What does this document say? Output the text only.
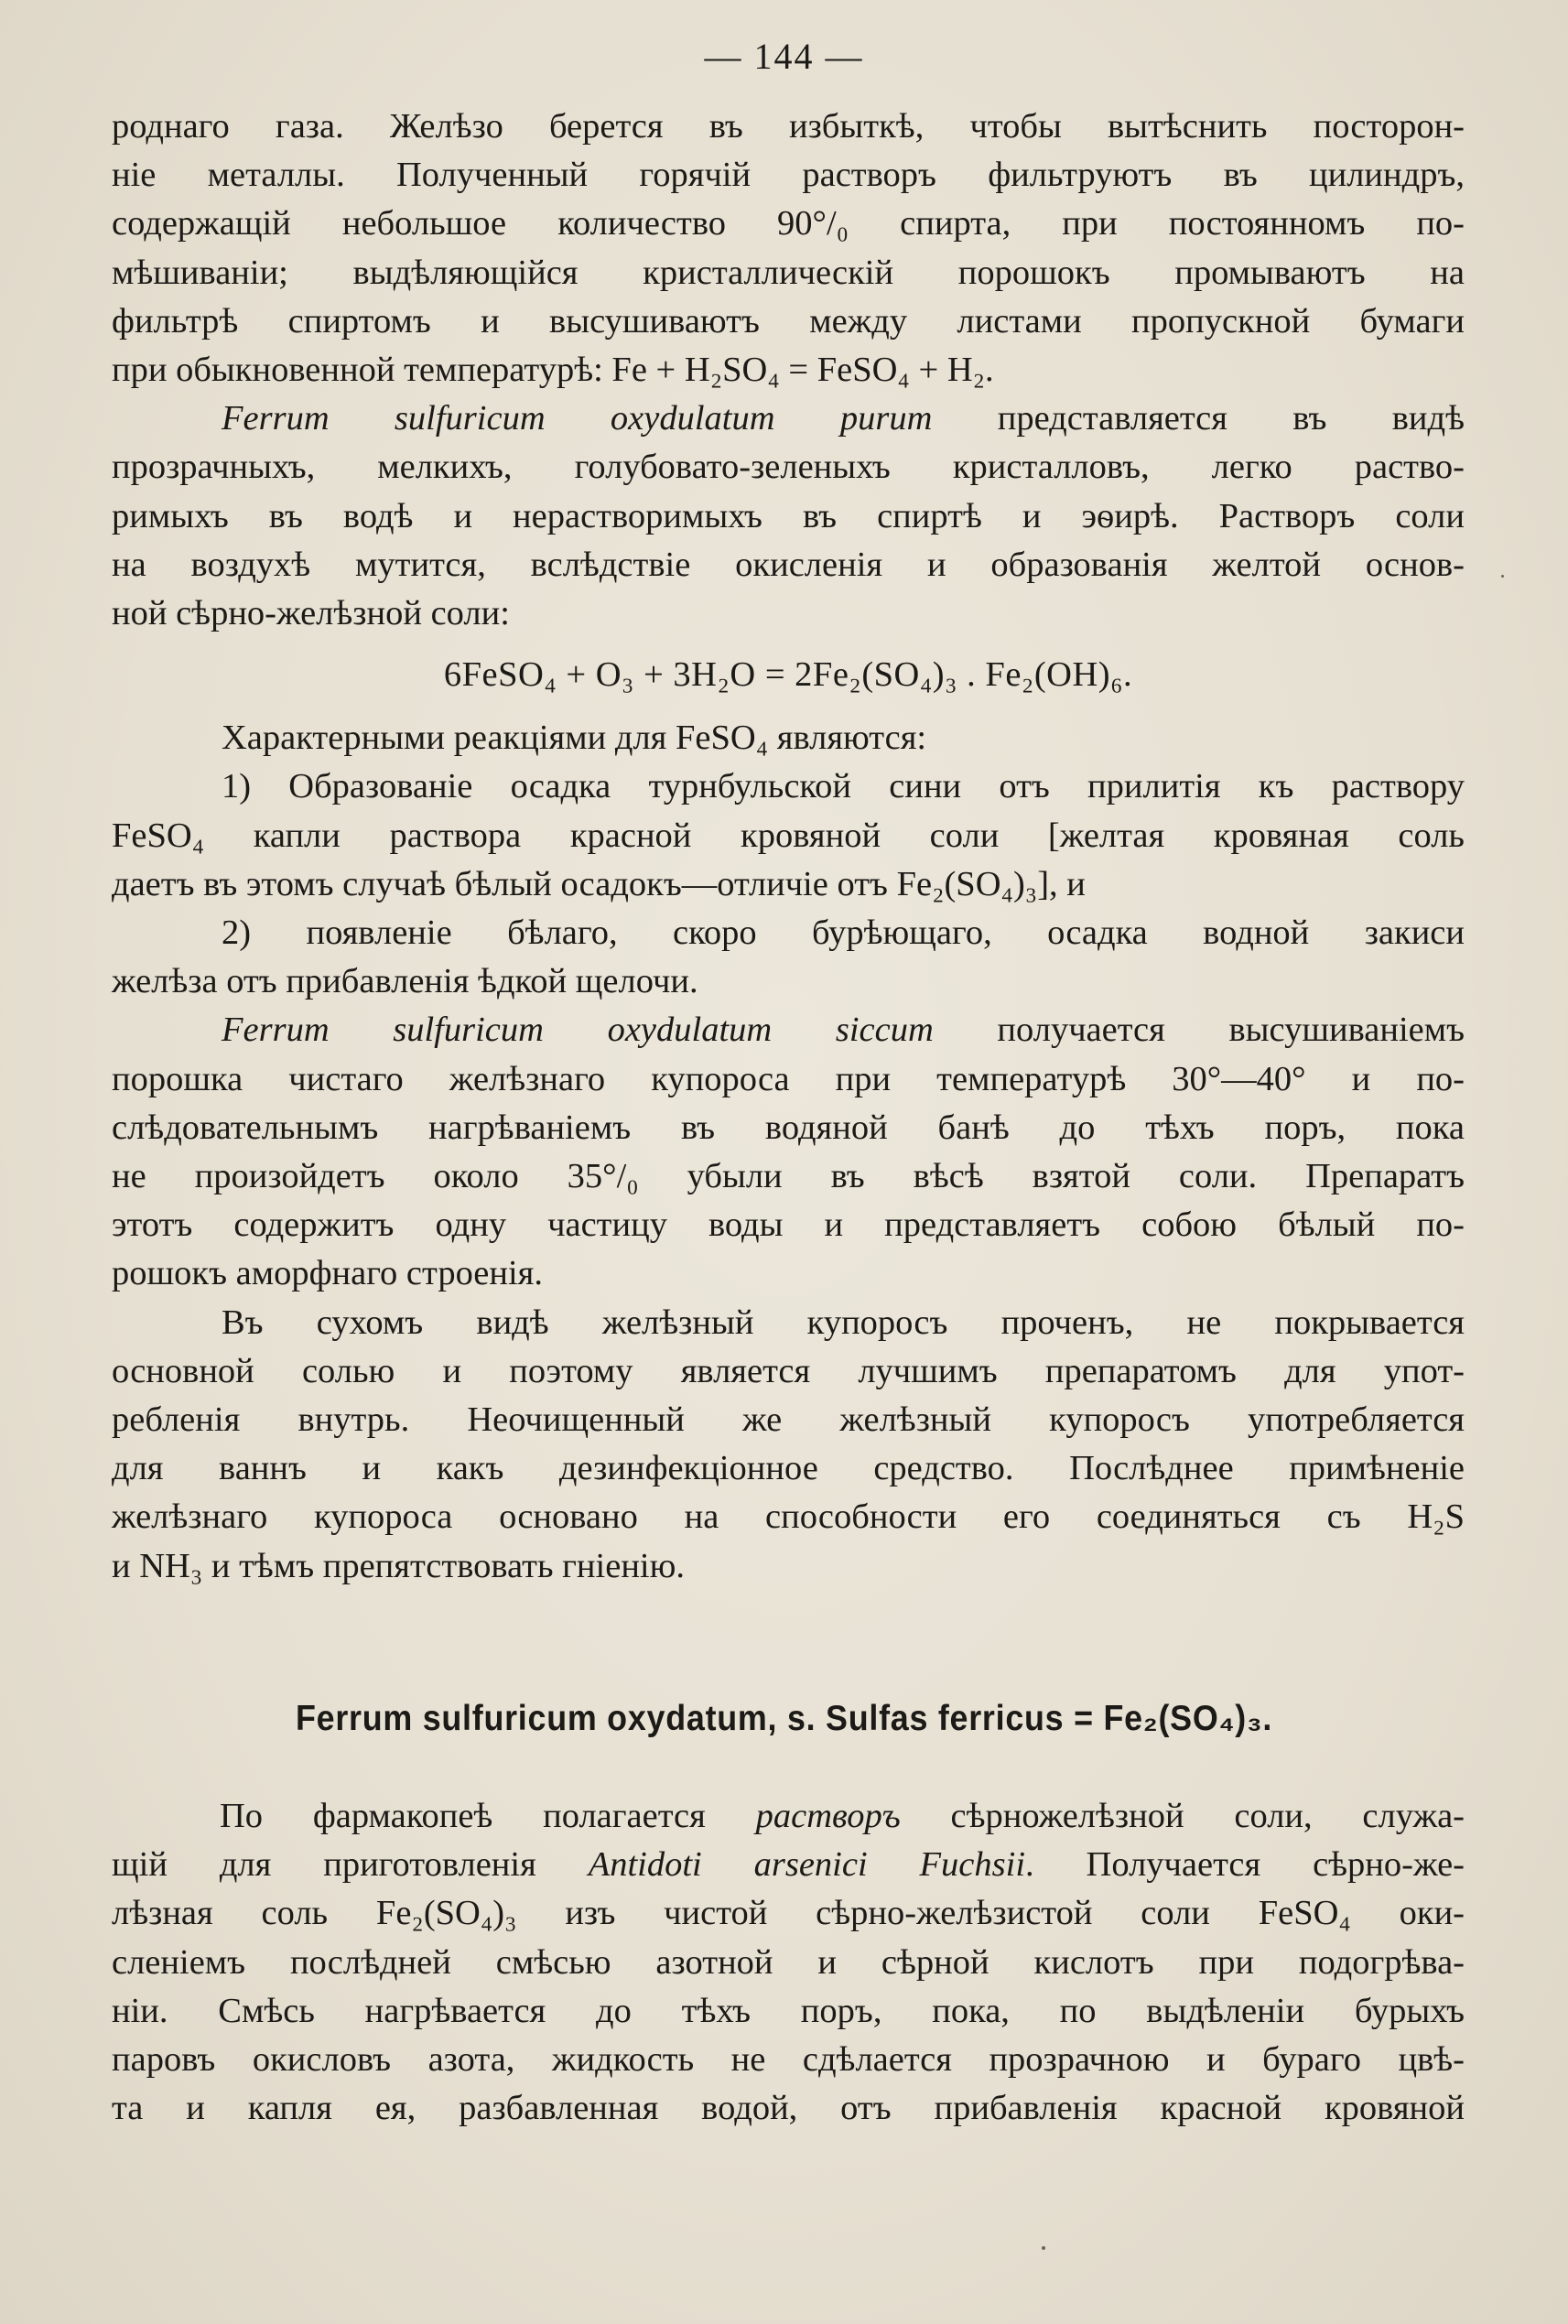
— 144 —

роднаго газа. Желѣзо берется въ избыткѣ, чтобы вытѣснить посторон-
ніе металлы. Полученный горячій растворъ фильтруютъ въ цилиндръ,
содержащій небольшое количество 90°/₀ спирта, при постоянномъ по-
мѣшиваніи; выдѣляющійся кристаллическій порошокъ промываютъ на
фильтрѣ спиртомъ и высушиваютъ между листами пропускной бумаги
при обыкновенной температурѣ: Fe + H₂SO₄ = FeSO₄ + H₂.

Ferrum sulfuricum oxydulatum purum представляется въ видѣ
прозрачныхъ, мелкихъ, голубовато-зеленыхъ кристалловъ, легко раство-
римыхъ въ водѣ и нерастворимыхъ въ спиртѣ и эѳирѣ. Растворъ соли
на воздухѣ мутится, вслѣдствіе окисленія и образованія желтой основ-
ной сѣрно-желѣзной соли:

6FeSO₄ + O₃ + 3H₂O = 2Fe₂(SO₄)₃ . Fe₂(OH)₆.

Характерными реакціями для FeSO₄ являются:

1) Образованіе осадка турнбульской сини отъ прилитія къ раствору
FeSO₄ капли раствора красной кровяной соли [желтая кровяная соль
даетъ въ этомъ случаѣ бѣлый осадокъ—отличіе отъ Fe₂(SO₄)₃], и

2) появленіе бѣлаго, скоро бурѣющаго, осадка водной закиси
желѣза отъ прибавленія ѣдкой щелочи.

Ferrum sulfuricum oxydulatum siccum получается высушиваніемъ
порошка чистаго желѣзнаго купороса при температурѣ 30°—40° и по-
слѣдовательнымъ нагрѣваніемъ въ водяной банѣ до тѣхъ поръ, пока
не произойдетъ около 35°/₀ убыли въ вѣсѣ взятой соли. Препаратъ
этотъ содержитъ одну частицу воды и представляетъ собою бѣлый по-
рошокъ аморфнаго строенія.

Въ сухомъ видѣ желѣзный купоросъ проченъ, не покрывается
основной солью и поэтому является лучшимъ препаратомъ для упот-
ребленія внутрь. Неочищенный же желѣзный купоросъ употребляется
для ваннъ и какъ дезинфекціонное средство. Послѣднее примѣненіе
желѣзнаго купороса основано на способности его соединяться съ H₂S
и NH₃ и тѣмъ препятствовать гніенію.

Ferrum sulfuricum oxydatum, s. Sulfas ferricus = Fe₂(SO₄)₃.

По фармакопеѣ полагается растворъ сѣрножелѣзной соли, служа-
щій для приготовленія Antidoti arsenici Fuchsii. Получается сѣрно-же-
лѣзная соль Fe₂(SO₄)₃ изъ чистой сѣрно-желѣзистой соли FeSO₄ оки-
сленіемъ послѣдней смѣсью азотной и сѣрной кислотъ при подогрѣва-
ніи. Смѣсь нагрѣвается до тѣхъ поръ, пока, по выдѣленіи бурыхъ
паровъ окисловъ азота, жидкость не сдѣлается прозрачною и бураго цвѣ-
та и капля ея, разбавленная водой, отъ прибавленія красной кровяной
